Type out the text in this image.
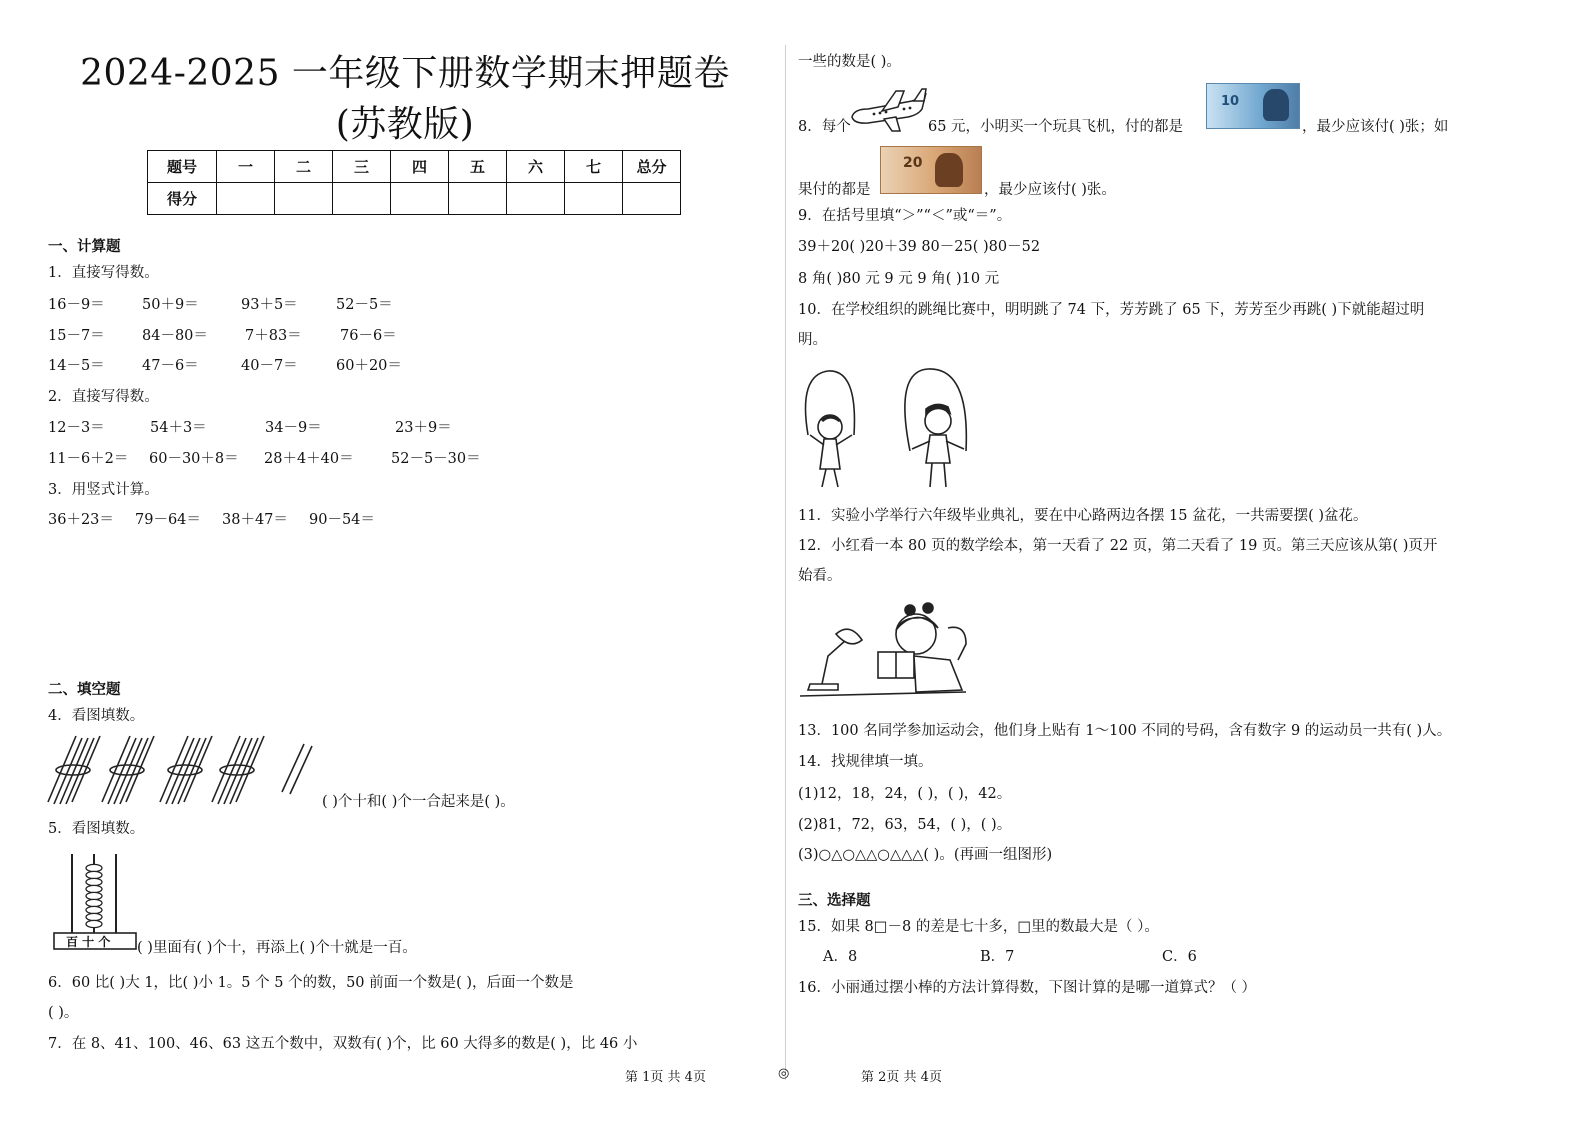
2024-2025 一年级下册数学期末押题卷
(苏教版)
题号	一	二	三	四	五	六	七	总分
得分								
一、计算题
1．直接写得数。
16－9＝	50＋9＝	93＋5＝	52－5＝
15－7＝	84－80＝	7＋83＝	76－6＝
14－5＝	47－6＝	40－7＝	60＋20＝
2．直接写得数。
12－3＝	54＋3＝	34－9＝	23＋9＝
11－6＋2＝ 60－30＋8＝ 28＋4＋40＝	52－5－30＝
3．用竖式计算。
36＋23＝ 79－64＝ 38＋47＝ 90－54＝
二、填空题
4．看图填数。
( )个十和( )个一合起来是( )。
5．看图填数。
百 十 个 ( )里面有( )个十，再添上( )个十就是一百。
6．60 比( )大 1，比( )小 1。5 个 5 个的数，50 前面一个数是( )，后面一个数是
( )。
7．在 8、41、100、46、63 这五个数中，双数有( )个，比 60 大得多的数是( )，比 46 小
一些的数是( )。
8．每个	65 元，小明买一个玩具飞机，付的都是
10
，最少应该付( )张；如
果付的都是
20
，最少应该付( )张。
9．在括号里填“＞”“＜”或“＝”。
39＋20( )20＋39 80－25( )80－52
8 角( )80 元 9 元 9 角( )10 元
10．在学校组织的跳绳比赛中，明明跳了 74 下，芳芳跳了 65 下，芳芳至少再跳( )下就能超过明
明。
11．实验小学举行六年级毕业典礼，要在中心路两边各摆 15 盆花，一共需要摆( )盆花。
12．小红看一本 80 页的数学绘本，第一天看了 22 页，第二天看了 19 页。第三天应该从第( )页开
始看。
13．100 名同学参加运动会，他们身上贴有 1～100 不同的号码，含有数字 9 的运动员一共有( )人。
14．找规律填一填。
(1)12，18，24，( )，( )，42。
(2)81，72，63，54，( )，( )。
(3)○△○△△○△△△( )。(再画一组图形)
三、选择题
15．如果 8□－8 的差是七十多，□里的数最大是（ ）。
A．8	B．7	C．6
16．小丽通过摆小棒的方法计算得数，下图计算的是哪一道算式？（ ）
第 1页 共 4页	◎	第 2页 共 4页
